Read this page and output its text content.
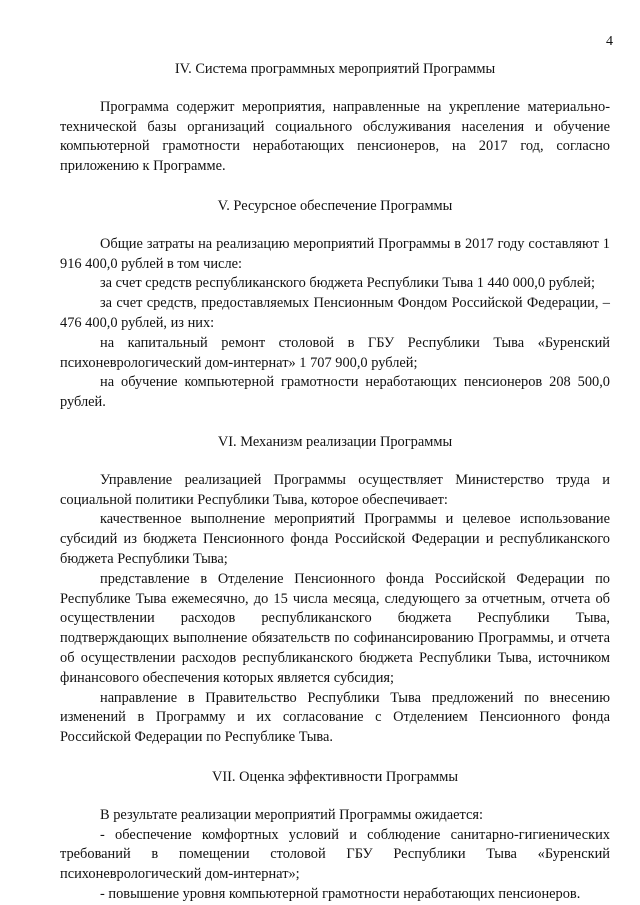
4
IV. Система программных мероприятий Программы

Программа содержит мероприятия, направленные на укрепление материально-технической базы организаций социального обслуживания населения и обучение компьютерной грамотности неработающих пенсионеров, на 2017 год, согласно приложению к Программе.

V. Ресурсное обеспечение Программы

Общие затраты на реализацию мероприятий Программы в 2017 году составляют 1 916 400,0 рублей в том числе:

за счет средств республиканского бюджета Республики Тыва 1 440 000,0 рублей;

за счет средств, предоставляемых Пенсионным Фондом Российской Федерации, – 476 400,0 рублей, из них:

на капитальный ремонт столовой в ГБУ Республики Тыва «Буренский психоневрологический дом-интернат» 1 707 900,0 рублей;

на обучение компьютерной грамотности неработающих пенсионеров 208 500,0 рублей.

VI. Механизм реализации Программы

Управление реализацией Программы осуществляет Министерство труда и социальной политики Республики Тыва, которое обеспечивает:

качественное выполнение мероприятий Программы и целевое использование субсидий из бюджета Пенсионного фонда Российской Федерации и республиканского бюджета Республики Тыва;

представление в Отделение Пенсионного фонда Российской Федерации по Республике Тыва ежемесячно, до 15 числа месяца, следующего за отчетным, отчета об осуществлении расходов республиканского бюджета Республики Тыва, подтверждающих выполнение обязательств по софинансированию Программы, и отчета об осуществлении расходов республиканского бюджета Республики Тыва, источником финансового обеспечения которых является субсидия;

направление в Правительство Республики Тыва предложений по внесению изменений в Программу и их согласование с Отделением Пенсионного фонда Российской Федерации по Республике Тыва.

VII. Оценка эффективности Программы

В результате реализации мероприятий Программы ожидается:

- обеспечение комфортных условий и соблюдение санитарно-гигиенических требований в помещении столовой ГБУ Республики Тыва «Буренский психоневрологический дом-интернат»;

- повышение уровня компьютерной грамотности неработающих пенсионеров.
